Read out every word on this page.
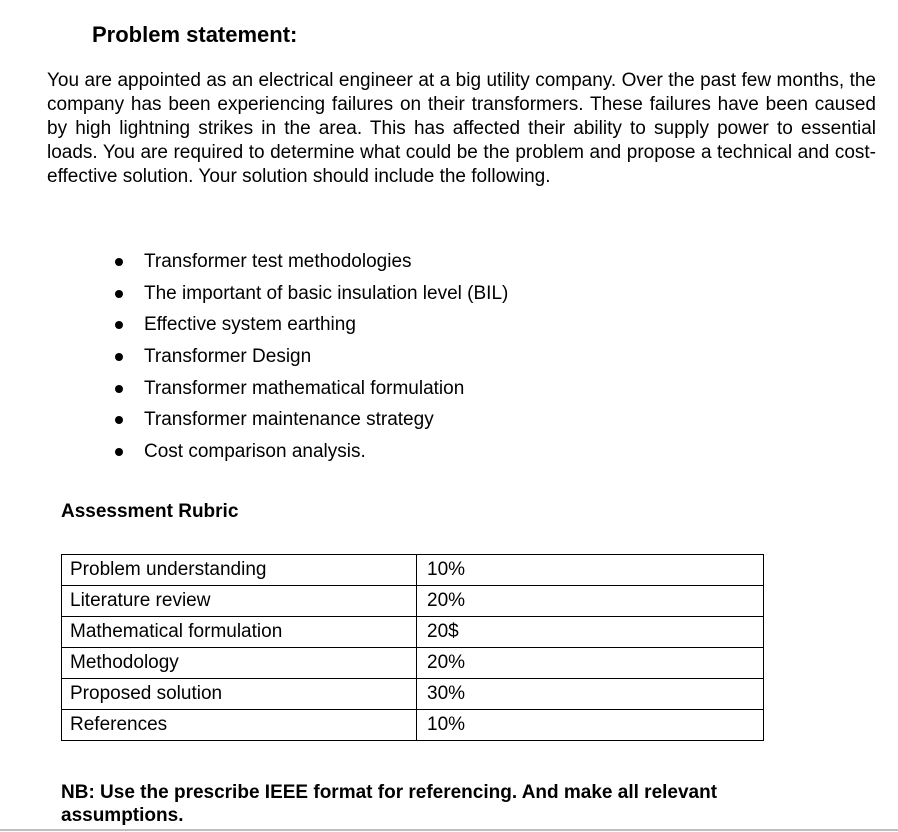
Problem statement:

You are appointed as an electrical engineer at a big utility company. Over the past few months, the company has been experiencing failures on their transformers. These failures have been caused by high lightning strikes in the area. This has affected their ability to supply power to essential loads. You are required to determine what could be the problem and propose a technical and cost-effective solution. Your solution should include the following.

Transformer test methodologies
The important of basic insulation level (BIL)
Effective system earthing
Transformer Design
Transformer mathematical formulation
Transformer maintenance strategy
Cost comparison analysis.
Assessment Rubric
Problem understanding	10%
Literature review	20%
Mathematical formulation	20$
Methodology	20%
Proposed solution	30%
References	10%

NB: Use the prescribe IEEE format for referencing. And make all relevant assumptions.
